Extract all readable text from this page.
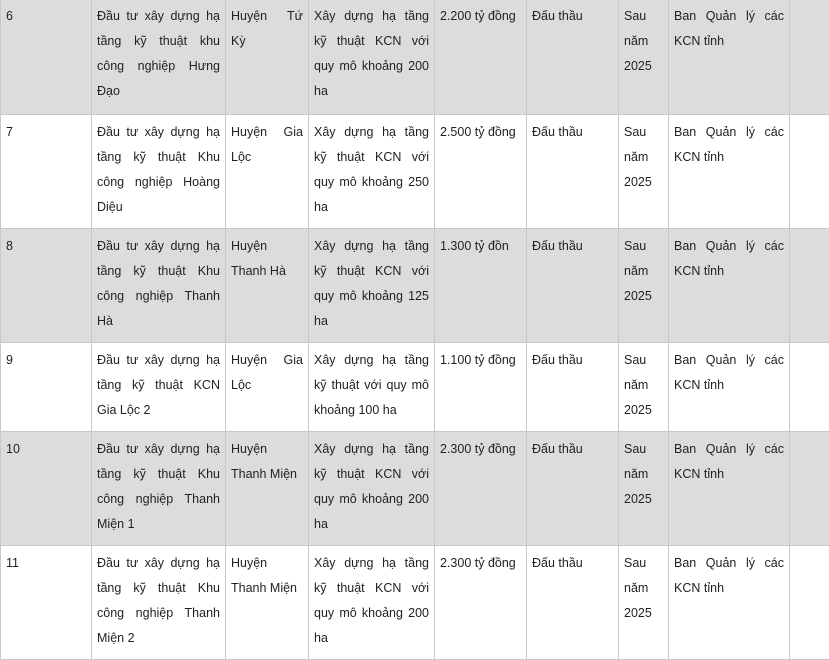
6	Đầu tư xây dựng hạ tầng kỹ thuật khu công nghiệp Hưng Đạo	Huyện Tứ Kỳ	Xây dựng hạ tầng kỹ thuật KCN với quy mô khoảng 200 ha	2.200 tỷ đồng	Đấu thầu	Sau năm 2025	Ban Quản lý các KCN tỉnh	
7	Đầu tư xây dựng hạ tầng kỹ thuật Khu công nghiệp Hoàng Diệu	Huyện Gia Lộc	Xây dựng hạ tầng kỹ thuật KCN với quy mô khoảng 250 ha	2.500 tỷ đồng	Đấu thầu	Sau năm 2025	Ban Quản lý các KCN tỉnh	
8	Đầu tư xây dựng hạ tầng kỹ thuật Khu công nghiệp Thanh Hà	Huyện Thanh Hà	Xây dựng hạ tầng kỹ thuật KCN với quy mô khoảng 125 ha	1.300 tỷ đồn	Đấu thầu	Sau năm 2025	Ban Quản lý các KCN tỉnh	
9	Đầu tư xây dựng hạ tầng kỹ thuật KCN Gia Lộc 2	Huyện Gia Lộc	Xây dựng hạ tầng kỹ thuật với quy mô khoảng 100 ha	1.100 tỷ đồng	Đấu thầu	Sau năm 2025	Ban Quản lý các KCN tỉnh	
10	Đầu tư xây dựng hạ tầng kỹ thuật Khu công nghiệp Thanh Miện 1	Huyện Thanh Miện	Xây dựng hạ tầng kỹ thuật KCN với quy mô khoảng 200 ha	2.300 tỷ đồng	Đấu thầu	Sau năm 2025	Ban Quản lý các KCN tỉnh	
11	Đầu tư xây dựng hạ tầng kỹ thuật Khu công nghiệp Thanh Miện 2	Huyện Thanh Miện	Xây dựng hạ tầng kỹ thuật KCN với quy mô khoảng 200 ha	2.300 tỷ đồng	Đấu thầu	Sau năm 2025	Ban Quản lý các KCN tỉnh	
